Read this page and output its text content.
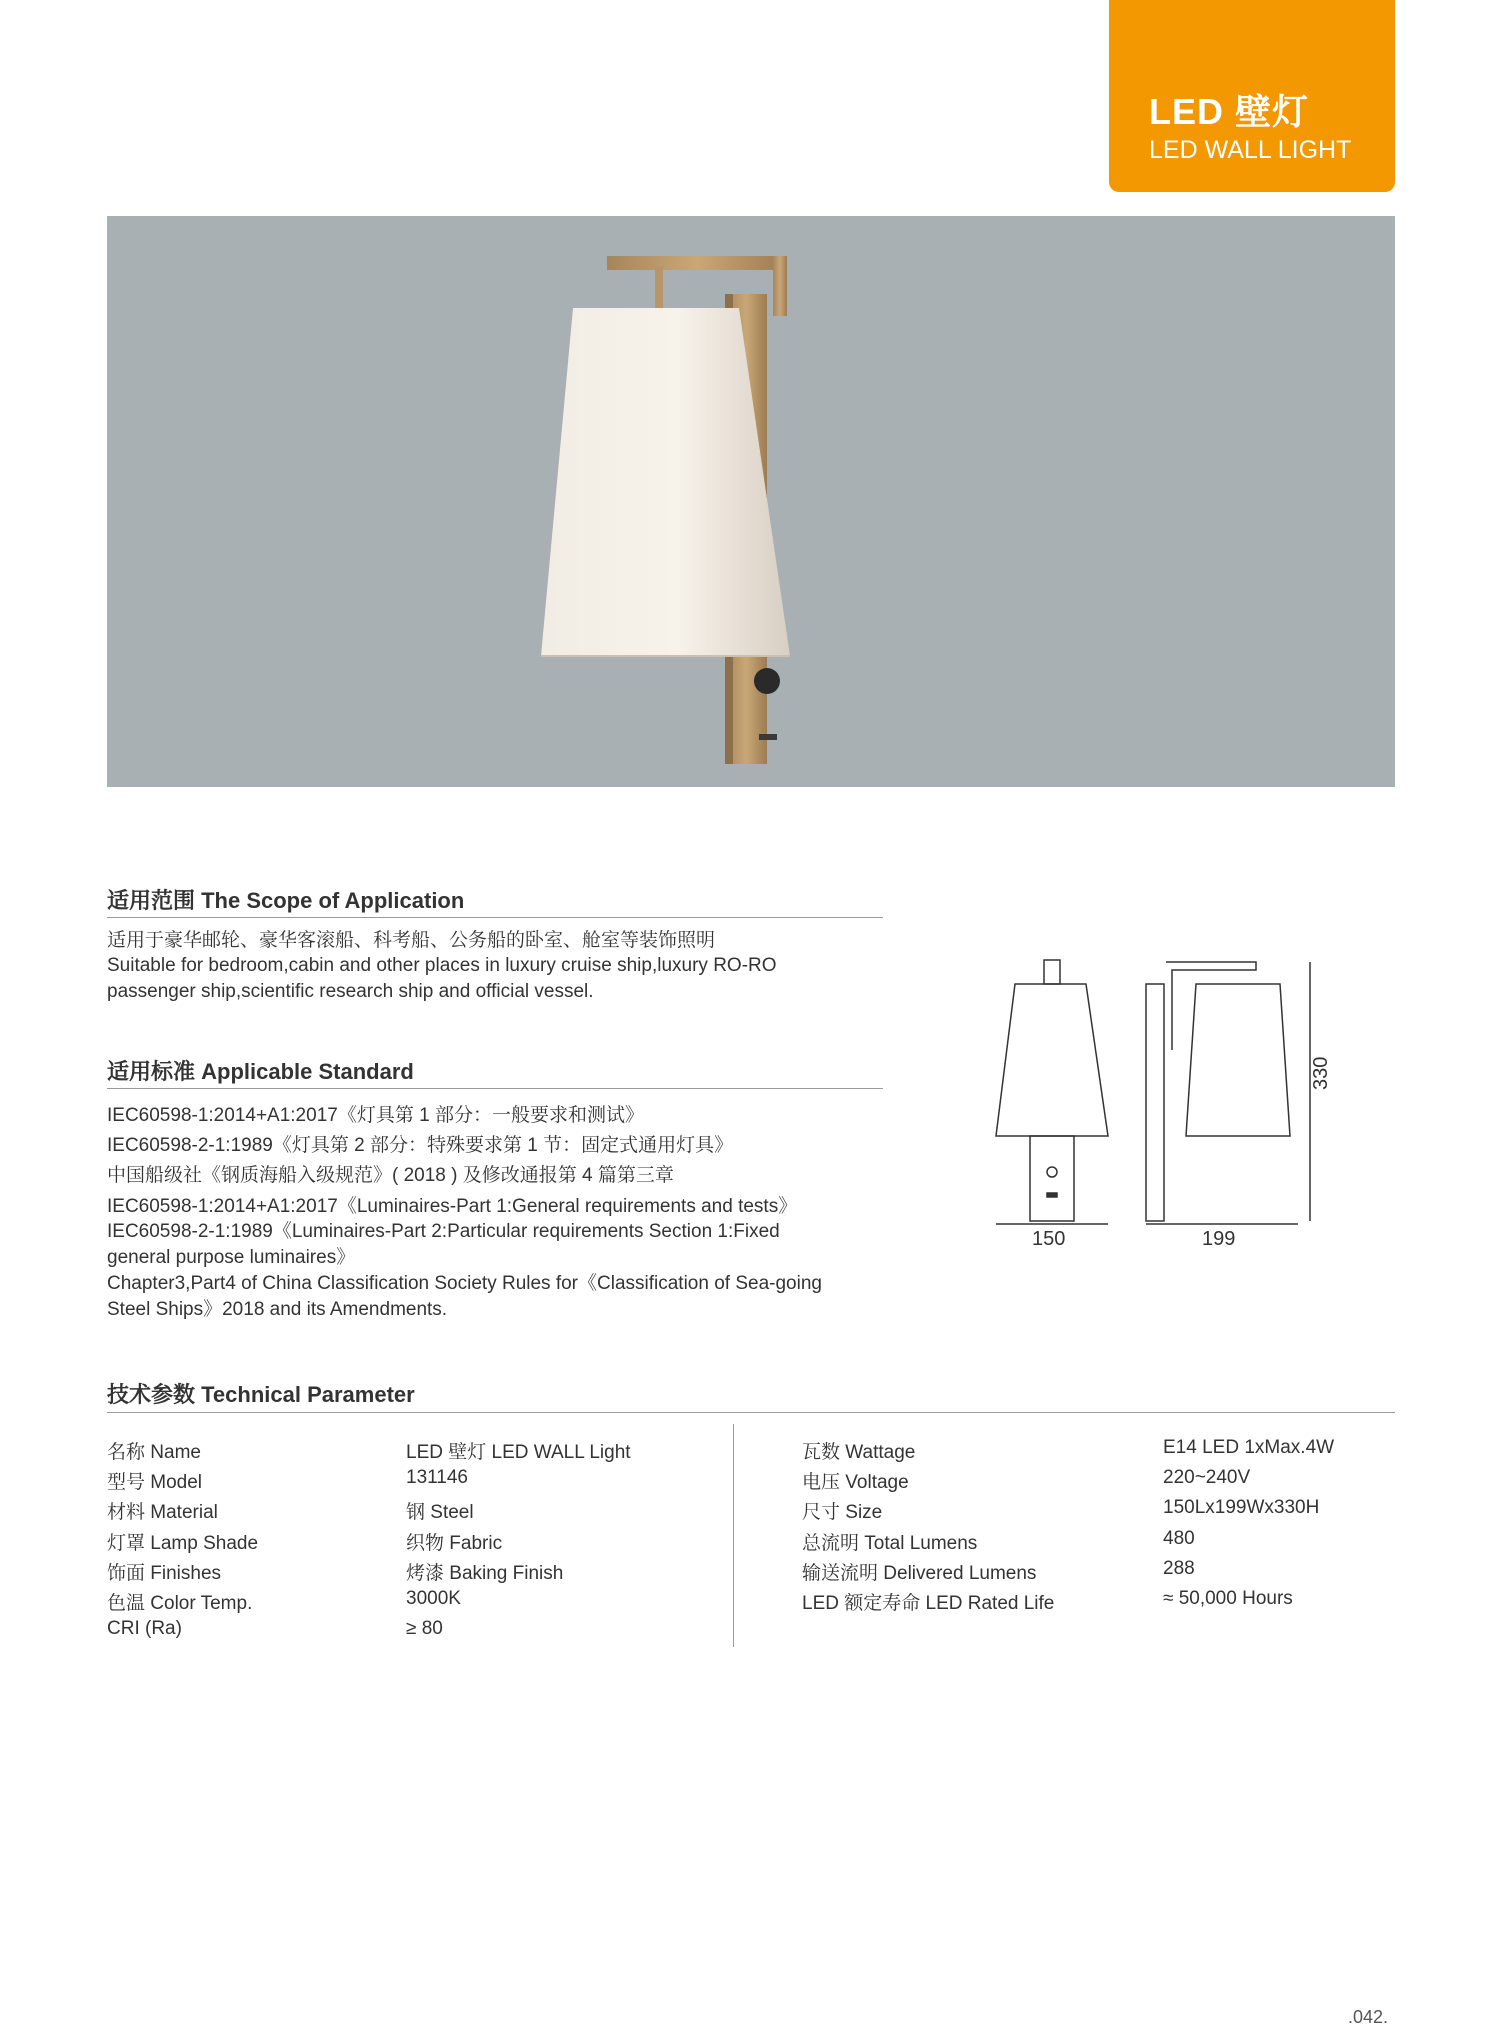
LED 壁灯
LED WALL LIGHT
适用范围 The Scope of Application
适用于豪华邮轮、豪华客滚船、科考船、公务船的卧室、舱室等装饰照明
Suitable for bedroom,cabin and other places in luxury cruise ship,luxury RO-RO
passenger ship,scientific research ship and official vessel.
适用标准 Applicable Standard
IEC60598-1:2014+A1:2017《灯具第 1 部分：一般要求和测试》
IEC60598-2-1:1989《灯具第 2 部分：特殊要求第 1 节：固定式通用灯具》
中国船级社《钢质海船入级规范》( 2018 ) 及修改通报第 4 篇第三章
IEC60598-1:2014+A1:2017《Luminaires-Part 1:General requirements and tests》
IEC60598-2-1:1989《Luminaires-Part 2:Particular requirements Section 1:Fixed
general purpose luminaires》
Chapter3,Part4 of China Classification Society Rules for《Classification of Sea-going
Steel Ships》2018 and its Amendments.
150	199
330
技术参数 Technical Parameter
名称 Name	LED 壁灯 LED WALL Light
型号 Model	131146
材料 Material	钢 Steel
灯罩 Lamp Shade	织物 Fabric
饰面 Finishes	烤漆 Baking Finish
色温 Color Temp.	3000K
CRI (Ra)	≥ 80
瓦数 Wattage	E14 LED 1xMax.4W
电压 Voltage	220~240V
尺寸 Size	150Lx199Wx330H
总流明 Total Lumens	480
输送流明 Delivered Lumens	288
LED 额定寿命 LED Rated Life	≈ 50,000 Hours
.042.
